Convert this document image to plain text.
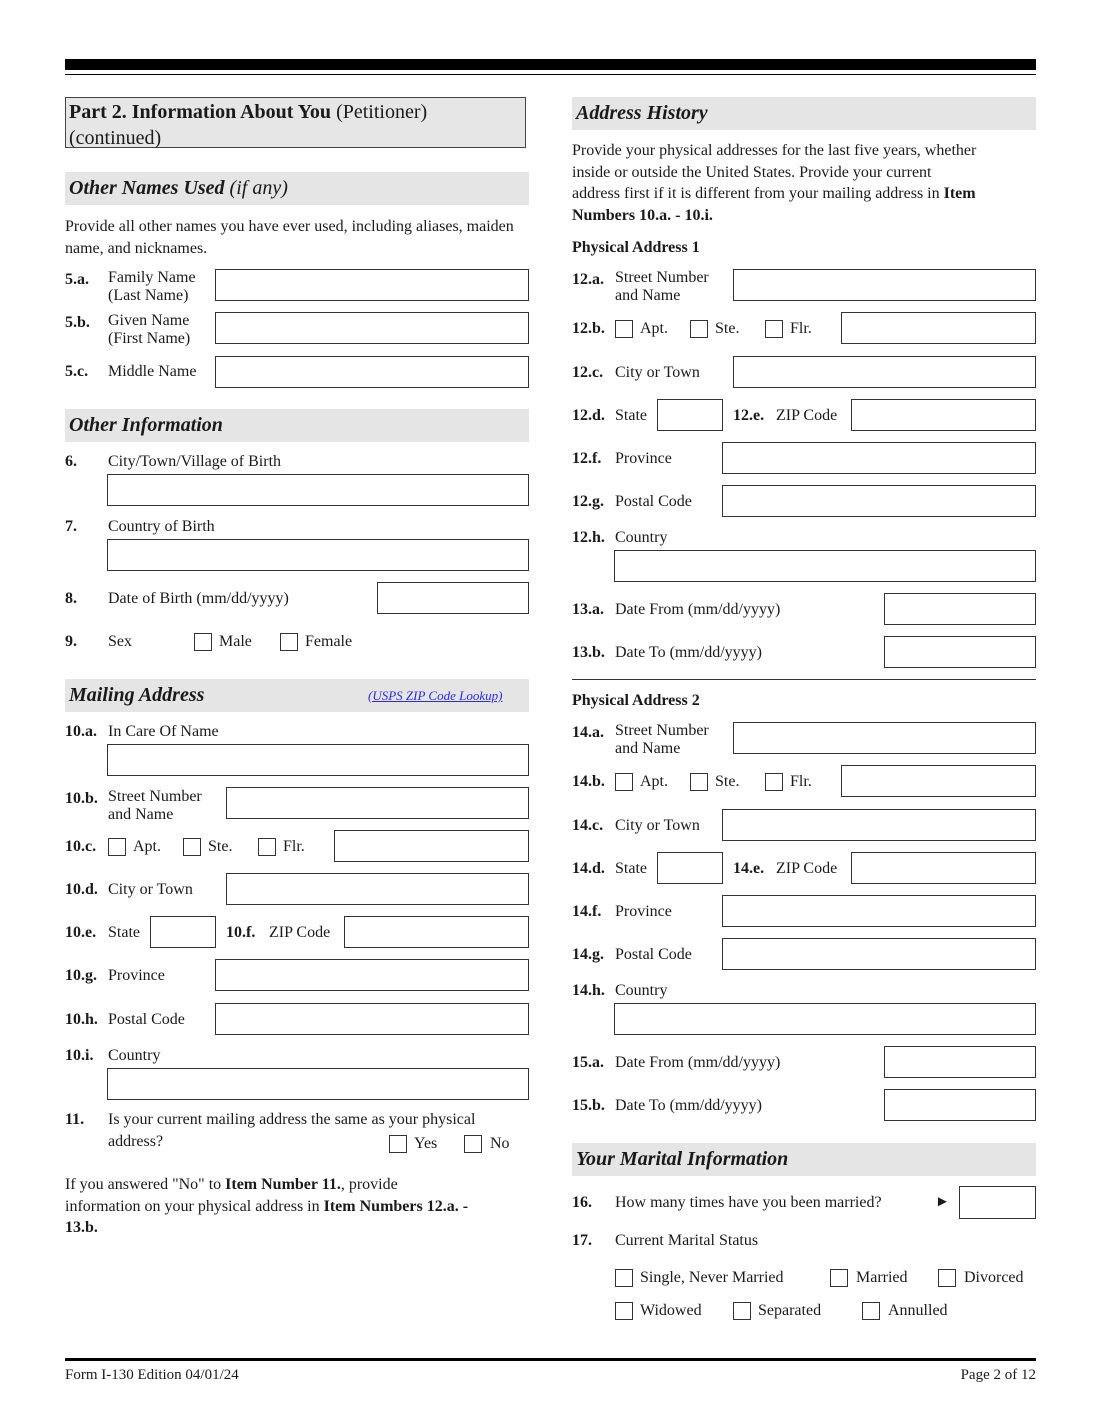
Part 2. Information About You (Petitioner)
(continued)
Other Names Used (if any)
Provide all other names you have ever used, including aliases, maiden name, and nicknames.
5.a. Family Name
(Last Name)
5.b. Given Name
(First Name)
5.c. Middle Name
Other Information
6. City/Town/Village of Birth
7. Country of Birth
8. Date of Birth (mm/dd/yyyy)
9. Sex	Male	Female
Mailing Address	(USPS ZIP Code Lookup)
10.a. In Care Of Name
10.b. Street Number
and Name
10.c. Apt.	Ste.	Flr.
10.d. City or Town
10.e. State	10.f. ZIP Code
10.g. Province
10.h. Postal Code
10.i. Country
11. Is your current mailing address the same as your physical
address?	Yes	No
If you answered "No" to Item Number 11., provide
information on your physical address in Item Numbers 12.a. -
13.b.
Address History
Provide your physical addresses for the last five years, whether
inside or outside the United States. Provide your current
address first if it is different from your mailing address in Item
Numbers 10.a. - 10.i.
Physical Address 1
12.a. Street Number
and Name
12.b. Apt.	Ste.	Flr.
12.c. City or Town
12.d. State	12.e. ZIP Code
12.f. Province
12.g. Postal Code
12.h. Country
13.a. Date From (mm/dd/yyyy)
13.b. Date To (mm/dd/yyyy)
Physical Address 2
14.a. Street Number
and Name
14.b. Apt.	Ste.	Flr.
14.c. City or Town
14.d. State	14.e. ZIP Code
14.f. Province
14.g. Postal Code
14.h. Country
15.a. Date From (mm/dd/yyyy)
15.b. Date To (mm/dd/yyyy)
Your Marital Information
16. How many times have you been married?	►
17. Current Marital Status
Single, Never Married	Married	Divorced
Widowed	Separated	Annulled
Form I-130 Edition 04/01/24	Page 2 of 12
